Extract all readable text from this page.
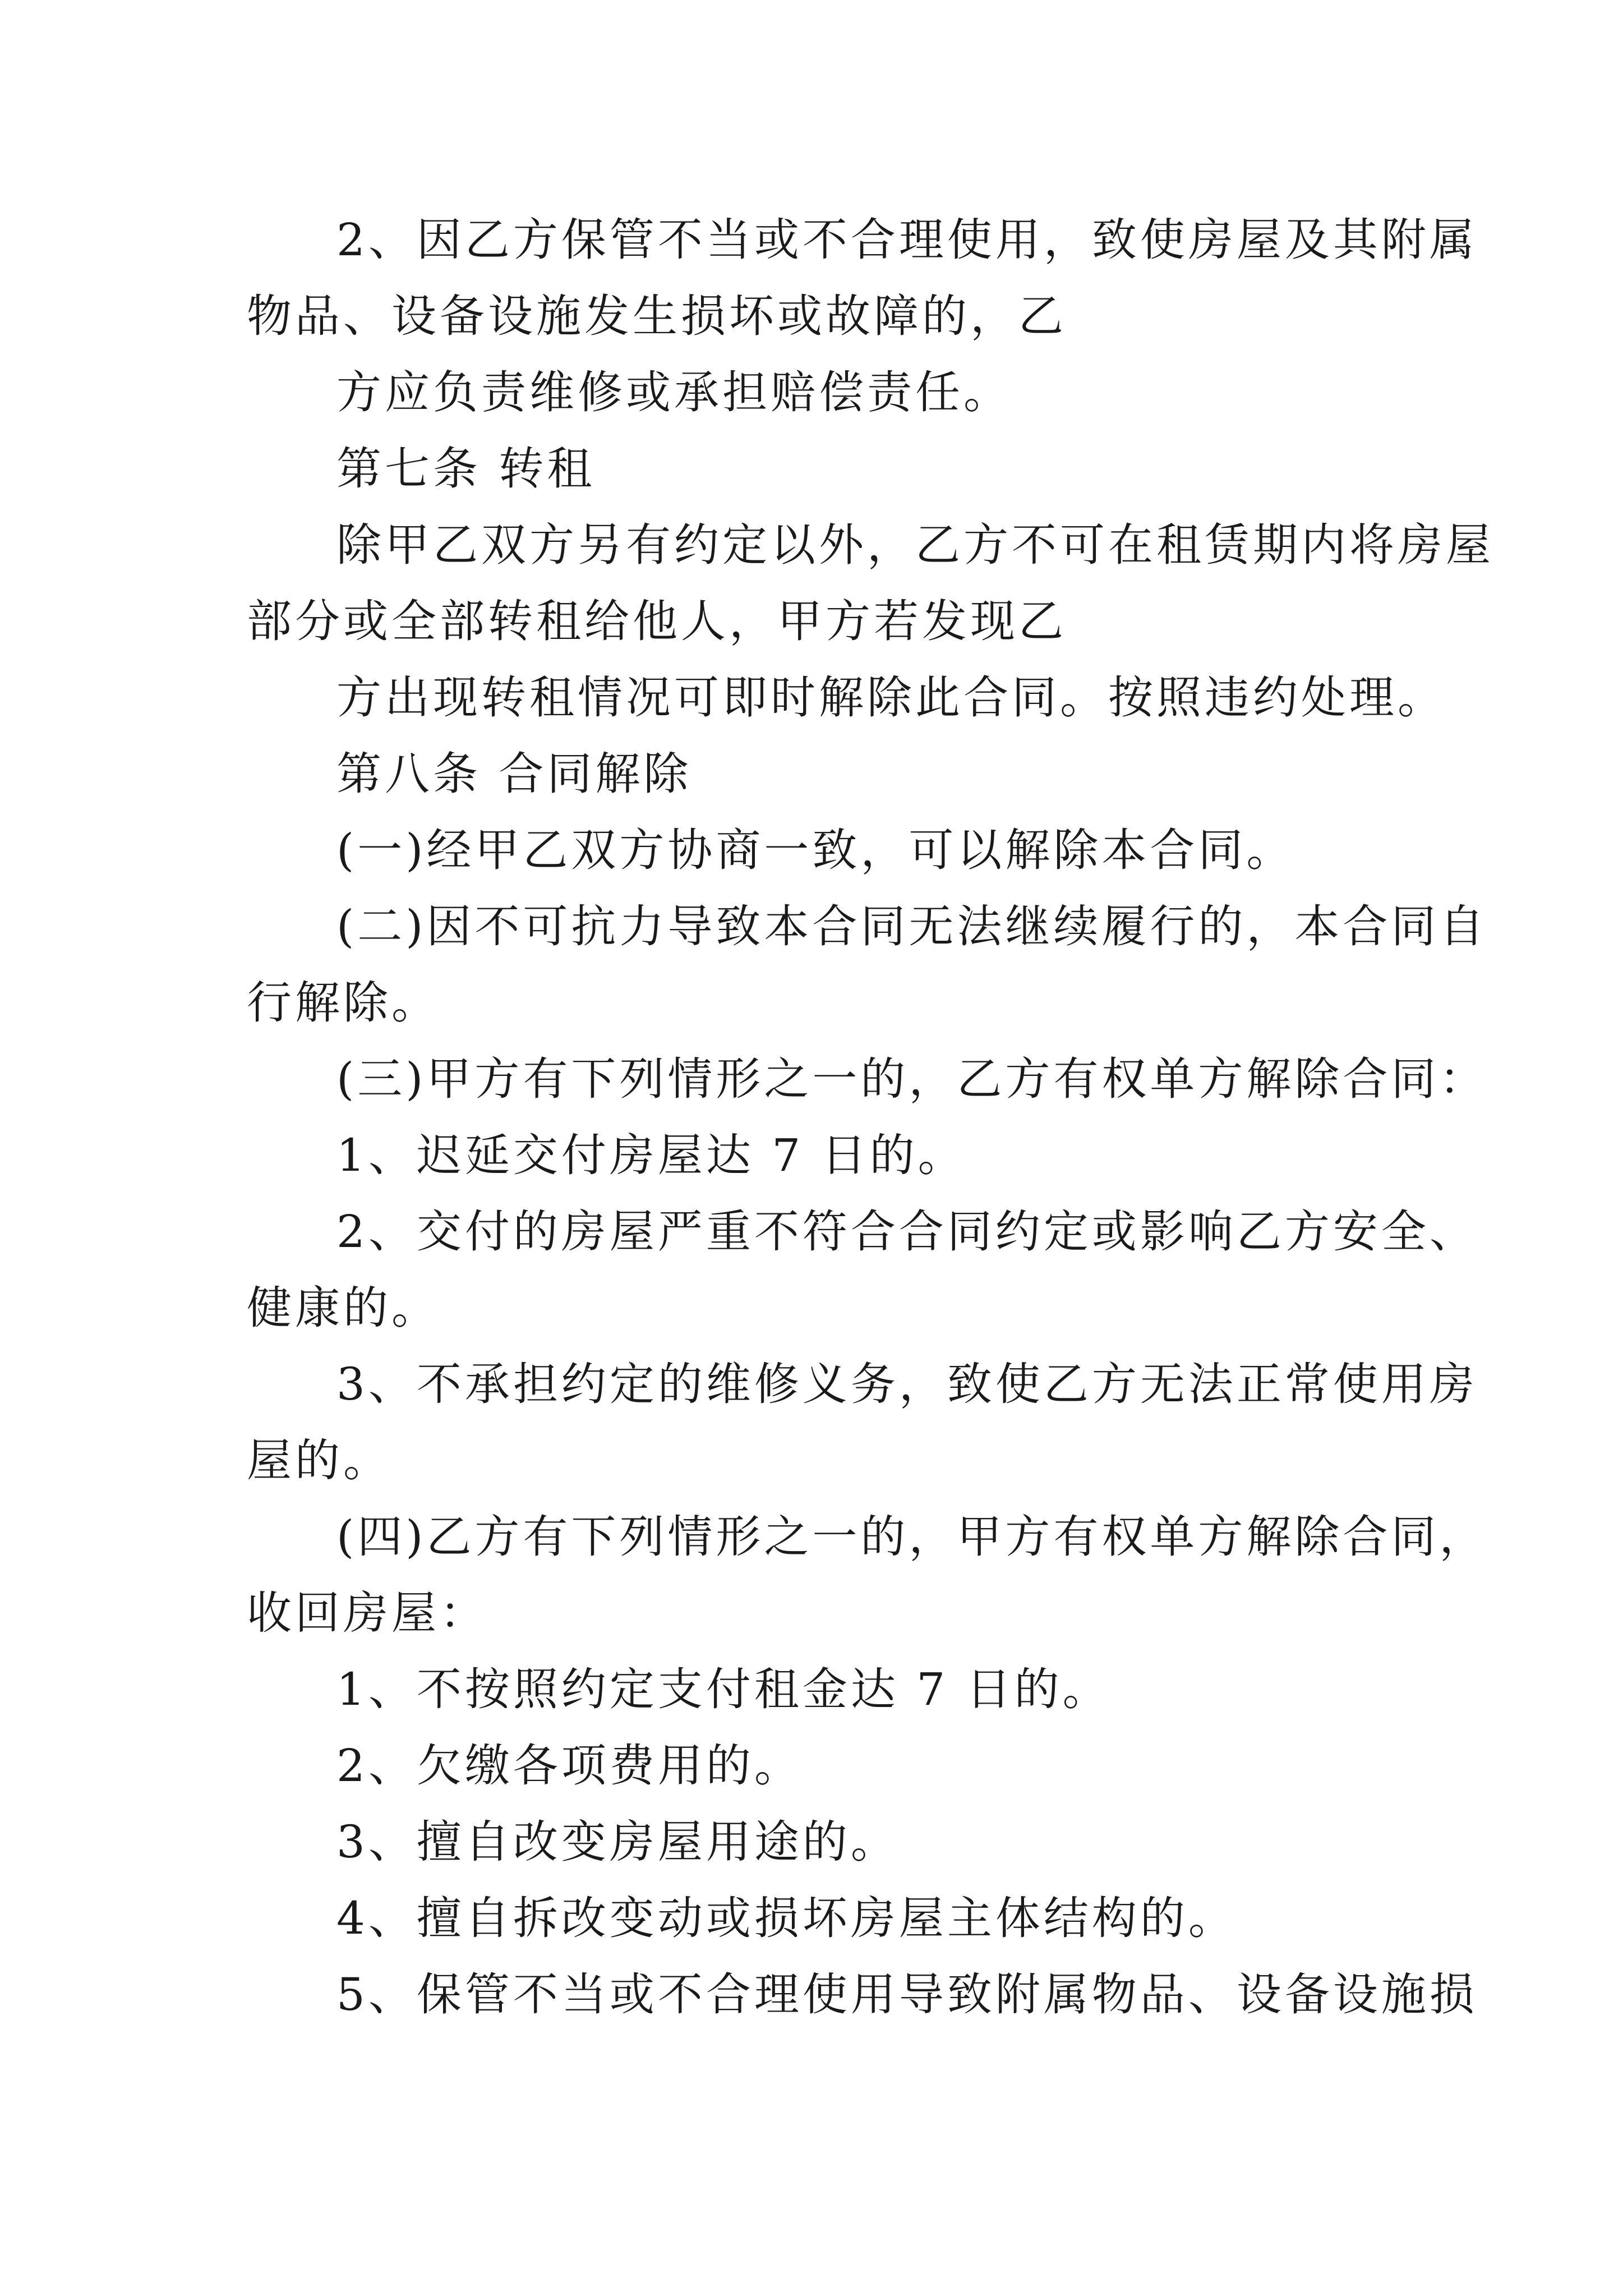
2、因乙方保管不当或不合理使用，致使房屋及其附属

物品、设备设施发生损坏或故障的，乙

方应负责维修或承担赔偿责任。

第七条 转租

除甲乙双方另有约定以外，乙方不可在租赁期内将房屋

部分或全部转租给他人，甲方若发现乙

方出现转租情况可即时解除此合同。按照违约处理。

第八条 合同解除

(一)经甲乙双方协商一致，可以解除本合同。

(二)因不可抗力导致本合同无法继续履行的，本合同自

行解除。

(三)甲方有下列情形之一的，乙方有权单方解除合同：

1、迟延交付房屋达 7 日的。

2、交付的房屋严重不符合合同约定或影响乙方安全、

健康的。

3、不承担约定的维修义务，致使乙方无法正常使用房

屋的。

(四)乙方有下列情形之一的，甲方有权单方解除合同，

收回房屋：

1、不按照约定支付租金达 7 日的。

2、欠缴各项费用的。

3、擅自改变房屋用途的。

4、擅自拆改变动或损坏房屋主体结构的。

5、保管不当或不合理使用导致附属物品、设备设施损
